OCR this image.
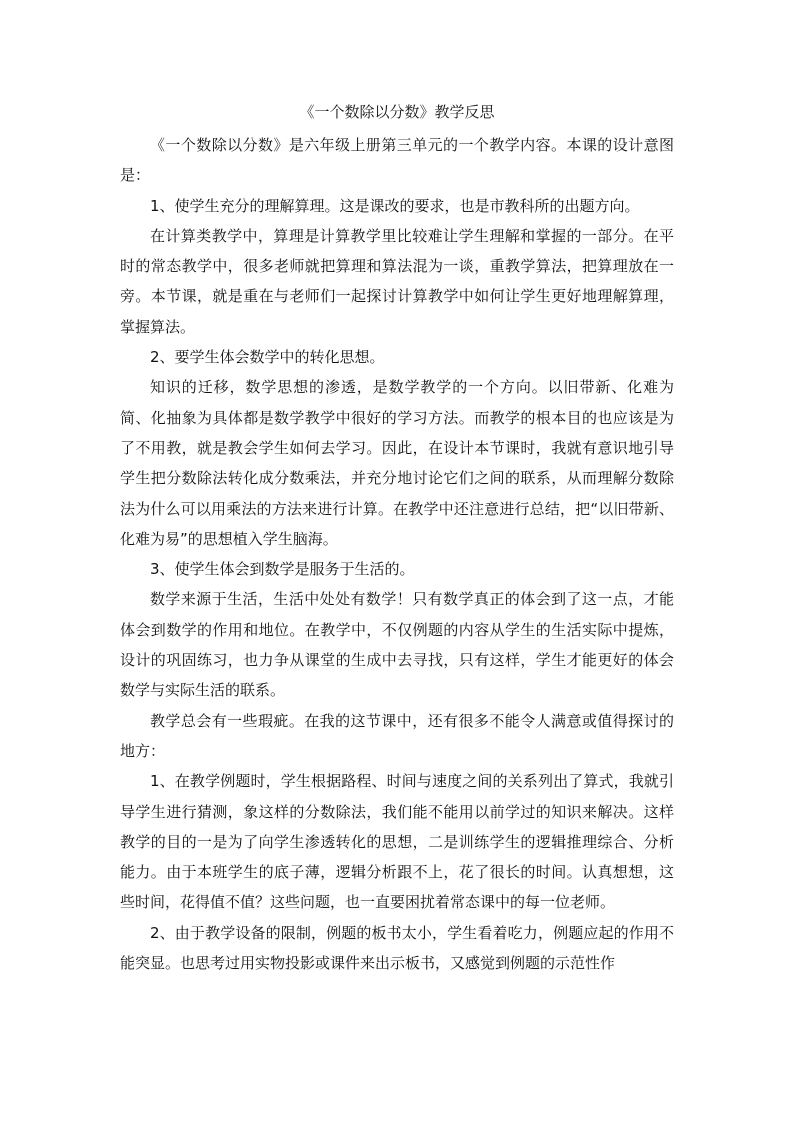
《一个数除以分数》教学反思

《一个数除以分数》是六年级上册第三单元的一个教学内容。本课的设计意图是：

1、使学生充分的理解算理。这是课改的要求，也是市教科所的出题方向。

在计算类教学中，算理是计算教学里比较难让学生理解和掌握的一部分。在平时的常态教学中，很多老师就把算理和算法混为一谈，重教学算法，把算理放在一旁。本节课，就是重在与老师们一起探讨计算教学中如何让学生更好地理解算理，掌握算法。

2、要学生体会数学中的转化思想。

知识的迁移，数学思想的渗透，是数学教学的一个方向。以旧带新、化难为简、化抽象为具体都是数学教学中很好的学习方法。而教学的根本目的也应该是为了不用教，就是教会学生如何去学习。因此，在设计本节课时，我就有意识地引导学生把分数除法转化成分数乘法，并充分地讨论它们之间的联系，从而理解分数除法为什么可以用乘法的方法来进行计算。在教学中还注意进行总结，把“以旧带新、化难为易”的思想植入学生脑海。

3、使学生体会到数学是服务于生活的。

数学来源于生活，生活中处处有数学！只有数学真正的体会到了这一点，才能体会到数学的作用和地位。在教学中，不仅例题的内容从学生的生活实际中提炼，设计的巩固练习，也力争从课堂的生成中去寻找，只有这样，学生才能更好的体会数学与实际生活的联系。

教学总会有一些瑕疵。在我的这节课中，还有很多不能令人满意或值得探讨的地方：

1、在教学例题时，学生根据路程、时间与速度之间的关系列出了算式，我就引导学生进行猜测，象这样的分数除法，我们能不能用以前学过的知识来解决。这样教学的目的一是为了向学生渗透转化的思想，二是训练学生的逻辑推理综合、分析能力。由于本班学生的底子薄，逻辑分析跟不上，花了很长的时间。认真想想，这些时间，花得值不值？这些问题，也一直要困扰着常态课中的每一位老师。

2、由于教学设备的限制，例题的板书太小，学生看着吃力，例题应起的作用不能突显。也思考过用实物投影或课件来出示板书，又感觉到例题的示范性作
